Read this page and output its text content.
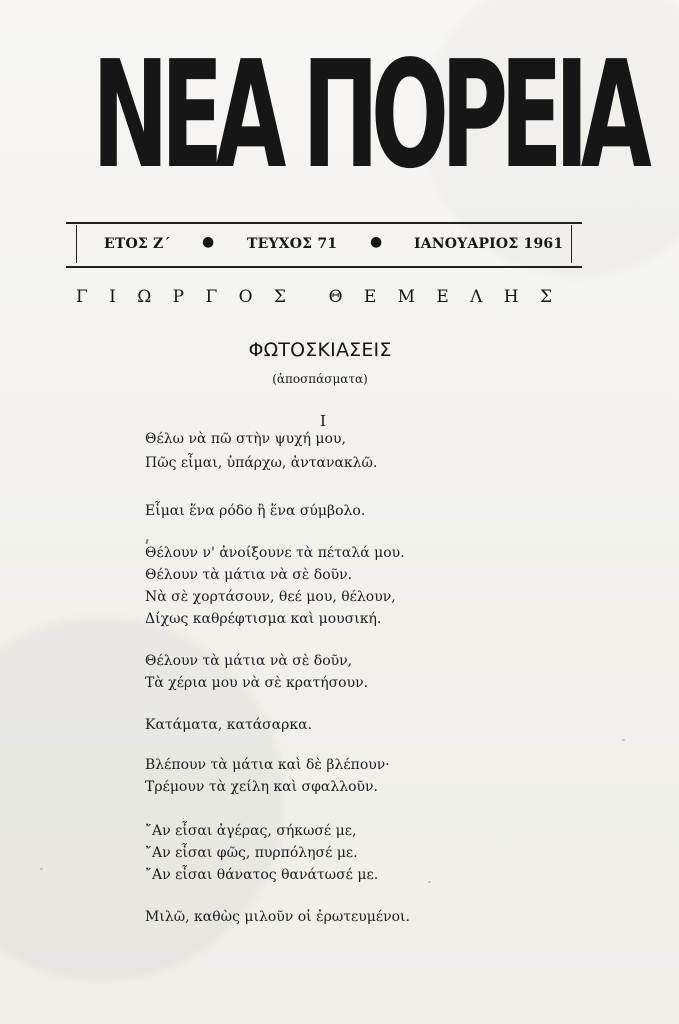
ΝΕΑ ΠΟΡΕΙΑ
ΕΤΟΣ Ζ΄ ● ΤΕΥΧΟΣ 71 ● ΙΑΝΟΥΑΡΙΟΣ 1961
Γ Ι Ω Ρ Γ Ο Σ	Θ Ε Μ Ε Λ Η Σ
ΦΩΤΟΣΚΙΑΣΕΙΣ
(ἀποσπάσματα)
I
Θέλω νὰ πῶ στὴν ψυχή μου,
Πῶς εἶμαι, ὑπάρχω, ἀντανακλῶ.
Εἶμαι ἕνα ρόδο ἢ ἕνα σύμβολο.
Θέλουν ν' ἀνοίξουνε τὰ πέταλά μου.
Θέλουν τὰ μάτια νὰ σὲ δοῦν.
Νὰ σὲ χορτάσουν, θεέ μου, θέλουν,
Δίχως καθρέφτισμα καὶ μουσική.
Θέλουν τὰ μάτια νὰ σὲ δοῦν,
Τὰ χέρια μου νὰ σὲ κρατήσουν.
Κατάματα, κατάσαρκα.
Βλέπουν τὰ μάτια καὶ δὲ βλέπουν·
Τρέμουν τὰ χείλη καὶ σφαλλοῦν.
῎Αν εἶσαι ἀγέρας, σήκωσέ με,
῎Αν εἶσαι φῶς, πυρπόλησέ με.
῎Αν εἶσαι θάνατος θανάτωσέ με.
Μιλῶ, καθὼς μιλοῦν οἱ ἐρωτευμένοι.
